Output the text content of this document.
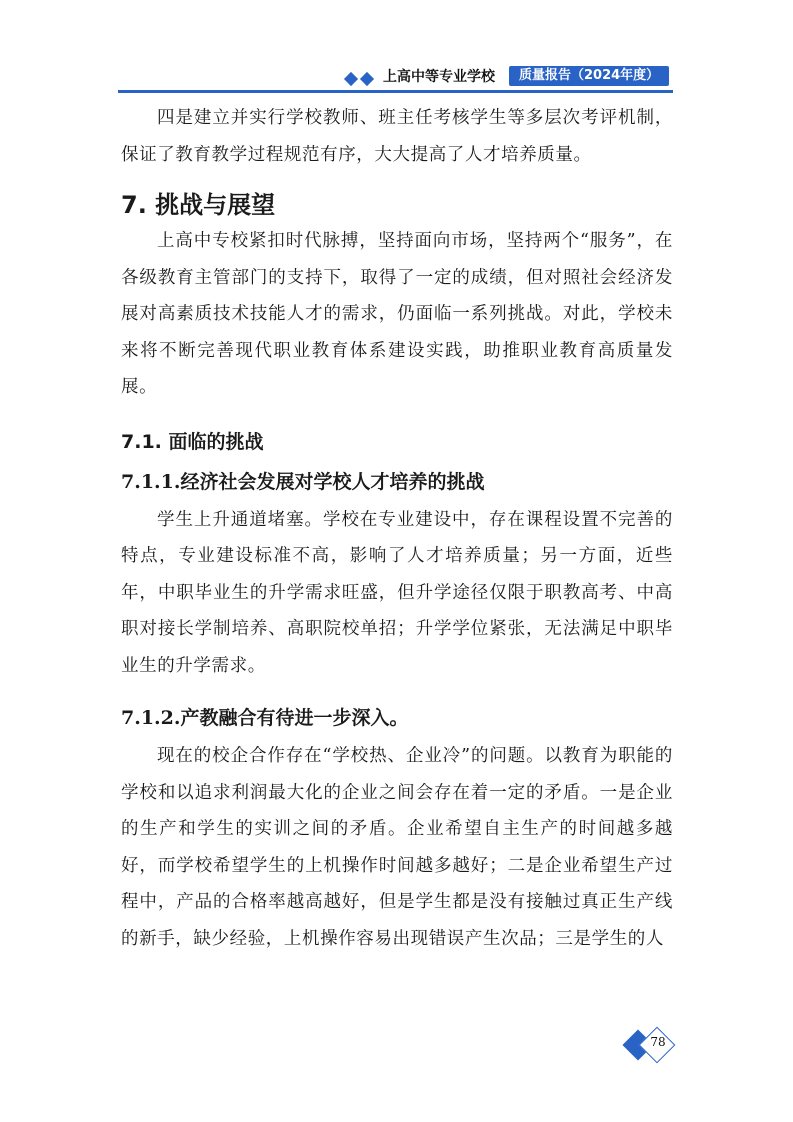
上高中等专业学校	质量报告（2024年度）

四是建立并实行学校教师、班主任考核学生等多层次考评机制，保证了教育教学过程规范有序，大大提高了人才培养质量。

7. 挑战与展望

上高中专校紧扣时代脉搏，坚持面向市场，坚持两个“服务”，在各级教育主管部门的支持下，取得了一定的成绩，但对照社会经济发展对高素质技术技能人才的需求，仍面临一系列挑战。对此，学校未来将不断完善现代职业教育体系建设实践，助推职业教育高质量发展。

7.1. 面临的挑战
7.1.1.经济社会发展对学校人才培养的挑战

学生上升通道堵塞。学校在专业建设中，存在课程设置不完善的特点，专业建设标准不高，影响了人才培养质量；另一方面，近些年，中职毕业生的升学需求旺盛，但升学途径仅限于职教高考、中高职对接长学制培养、高职院校单招；升学学位紧张，无法满足中职毕业生的升学需求。

7.1.2.产教融合有待进一步深入。

现在的校企合作存在“学校热、企业冷”的问题。以教育为职能的学校和以追求利润最大化的企业之间会存在着一定的矛盾。一是企业的生产和学生的实训之间的矛盾。企业希望自主生产的时间越多越好，而学校希望学生的上机操作时间越多越好；二是企业希望生产过程中，产品的合格率越高越好，但是学生都是没有接触过真正生产线的新手，缺少经验，上机操作容易出现错误产生次品；三是学生的人

78
